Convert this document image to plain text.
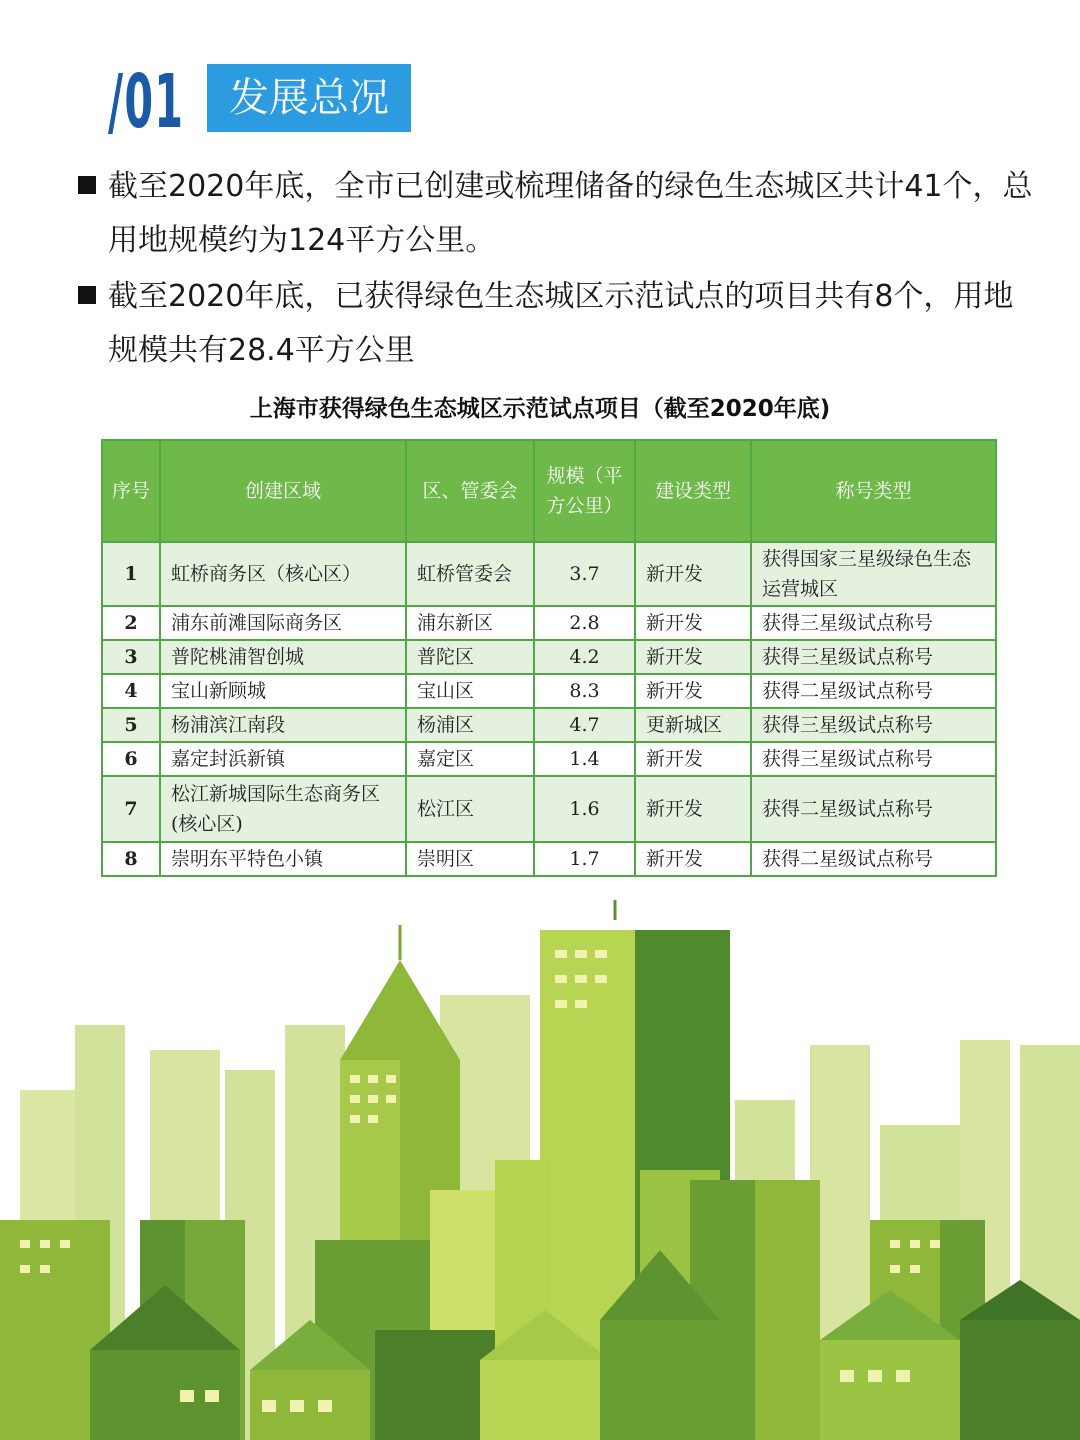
/01	发展总况
截至2020年底，全市已创建或梳理储备的绿色生态城区共计41个，总用地规模约为124平方公里。
截至2020年底，已获得绿色生态城区示范试点的项目共有8个，用地规模共有28.4平方公里
上海市获得绿色生态城区示范试点项目（截至2020年底)
序号	创建区域	区、管委会	规模（平方公里）	建设类型	称号类型
1	虹桥商务区（核心区）	虹桥管委会	3.7	新开发	获得国家三星级绿色生态运营城区
2	浦东前滩国际商务区	浦东新区	2.8	新开发	获得三星级试点称号
3	普陀桃浦智创城	普陀区	4.2	新开发	获得三星级试点称号
4	宝山新顾城	宝山区	8.3	新开发	获得二星级试点称号
5	杨浦滨江南段	杨浦区	4.7	更新城区	获得三星级试点称号
6	嘉定封浜新镇	嘉定区	1.4	新开发	获得三星级试点称号
7	松江新城国际生态商务区(核心区)	松江区	1.6	新开发	获得二星级试点称号
8	崇明东平特色小镇	崇明区	1.7	新开发	获得二星级试点称号
